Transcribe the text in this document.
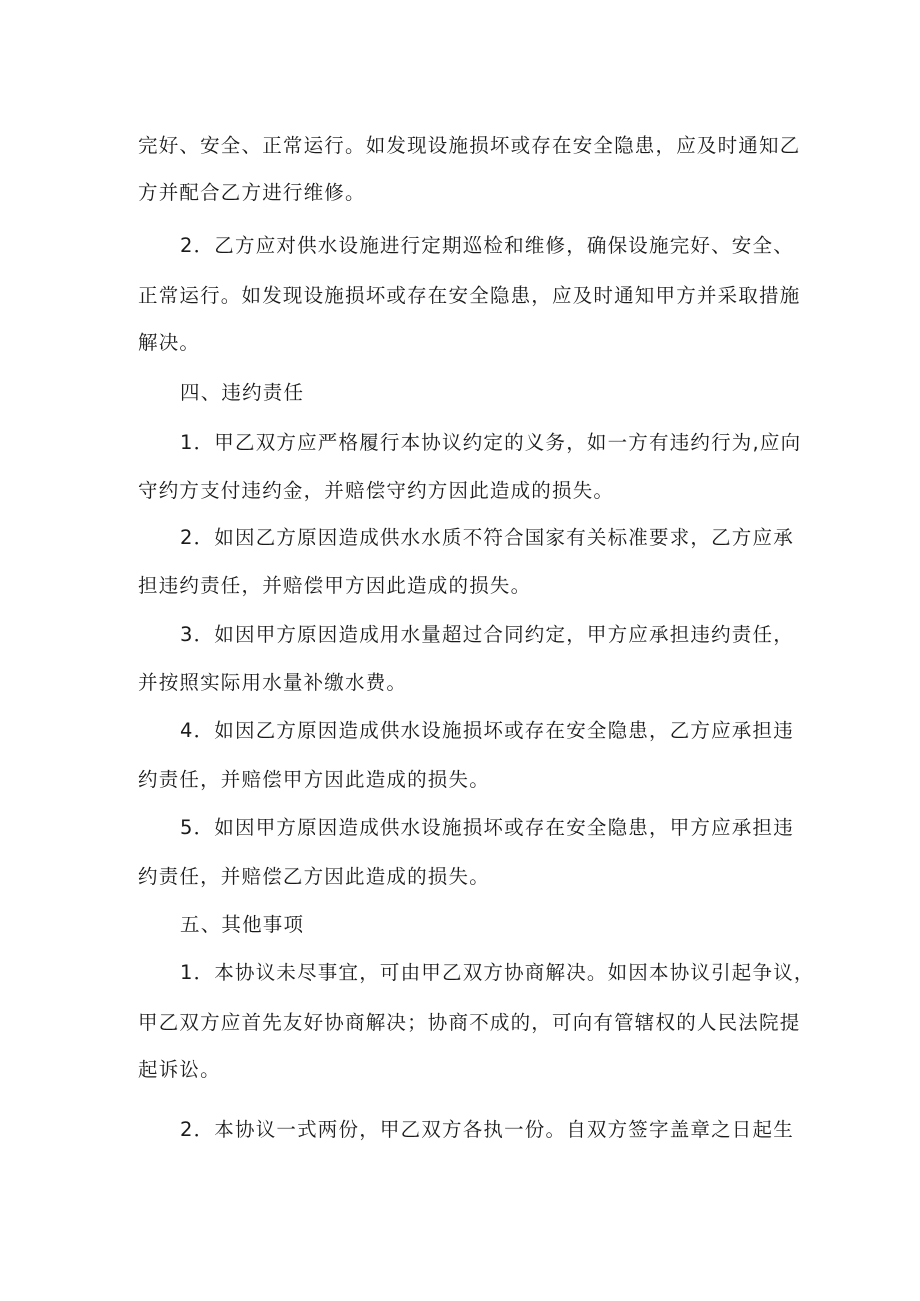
完好、安全、正常运行。如发现设施损坏或存在安全隐患，应及时通知乙
方并配合乙方进行维修。
2．乙方应对供水设施进行定期巡检和维修，确保设施完好、安全、
正常运行。如发现设施损坏或存在安全隐患，应及时通知甲方并采取措施
解决。
四、违约责任
1．甲乙双方应严格履行本协议约定的义务，如一方有违约行为,应向
守约方支付违约金，并赔偿守约方因此造成的损失。
2．如因乙方原因造成供水水质不符合国家有关标准要求，乙方应承
担违约责任，并赔偿甲方因此造成的损失。
3．如因甲方原因造成用水量超过合同约定，甲方应承担违约责任，
并按照实际用水量补缴水费。
4．如因乙方原因造成供水设施损坏或存在安全隐患，乙方应承担违
约责任，并赔偿甲方因此造成的损失。
5．如因甲方原因造成供水设施损坏或存在安全隐患，甲方应承担违
约责任，并赔偿乙方因此造成的损失。
五、其他事项
1．本协议未尽事宜，可由甲乙双方协商解决。如因本协议引起争议，
甲乙双方应首先友好协商解决；协商不成的，可向有管辖权的人民法院提
起诉讼。
2．本协议一式两份，甲乙双方各执一份。自双方签字盖章之日起生
